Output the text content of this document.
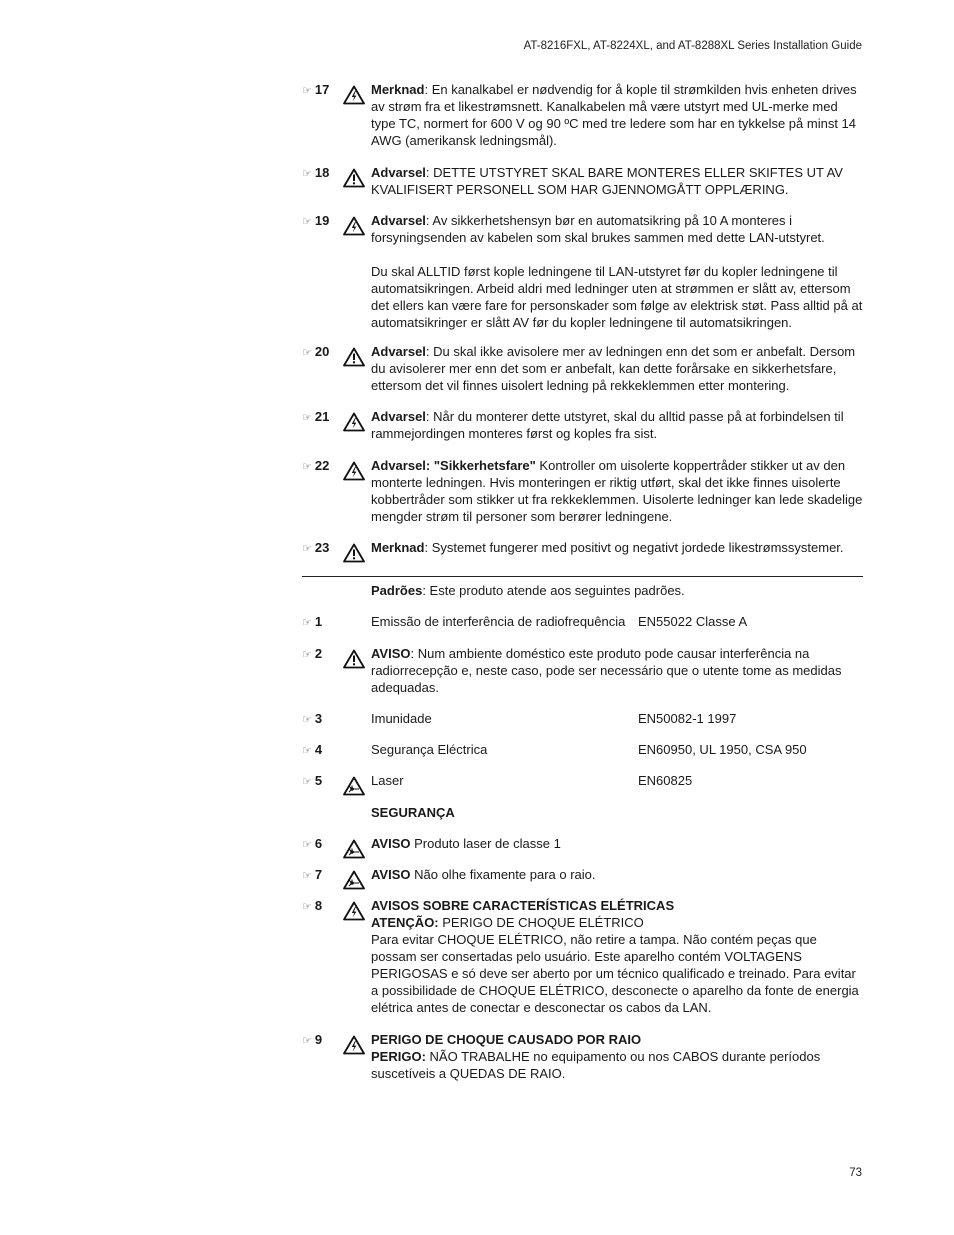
AT-8216FXL, AT-8224XL, and AT-8288XL Series Installation Guide
☞ 17	Merknad: En kanalkabel er nødvendig for å kople til strømkilden hvis enheten drives av strøm fra et likestrømsnett. Kanalkabelen må være utstyrt med UL-merke med type TC, normert for 600 V og 90 ºC med tre ledere som har en tykkelse på minst 14 AWG (amerikansk ledningsmål).

☞ 18	Advarsel: DETTE UTSTYRET SKAL BARE MONTERES ELLER SKIFTES UT AV KVALIFISERT PERSONELL SOM HAR GJENNOMGÅTT OPPLÆRING.

☞ 19	Advarsel: Av sikkerhetshensyn bør en automatsikring på 10 A monteres i forsyningsenden av kabelen som skal brukes sammen med dette LAN-utstyret.

Du skal ALLTID først kople ledningene til LAN-utstyret før du kopler ledningene til automatsikringen. Arbeid aldri med ledninger uten at strømmen er slått av, ettersom det ellers kan være fare for personskader som følge av elektrisk støt. Pass alltid på at automatsikringer er slått AV før du kopler ledningene til automatsikringen.

☞ 20	Advarsel: Du skal ikke avisolere mer av ledningen enn det som er anbefalt. Dersom du avisolerer mer enn det som er anbefalt, kan dette forårsake en sikkerhetsfare, ettersom det vil finnes uisolert ledning på rekkeklemmen etter montering.

☞ 21	Advarsel: Når du monterer dette utstyret, skal du alltid passe på at forbindelsen til rammejordingen monteres først og koples fra sist.

☞ 22	Advarsel: "Sikkerhetsfare" Kontroller om uisolerte koppertråder stikker ut av den monterte ledningen. Hvis monteringen er riktig utført, skal det ikke finnes uisolerte kobbertråder som stikker ut fra rekkeklemmen. Uisolerte ledninger kan lede skadelige mengder strøm til personer som berører ledningene.

☞ 23	Merknad: Systemet fungerer med positivt og negativt jordede likestrømssystemer.

Padrões: Este produto atende aos seguintes padrões.

☞ 1	Emissão de interferência de radiofrequência EN55022 Classe A
☞ 2	AVISO: Num ambiente doméstico este produto pode causar interferência na radiorrecepção e, neste caso, pode ser necessário que o utente tome as medidas adequadas.

☞ 3	Imunidade	EN50082-1 1997
☞ 4	Segurança Eléctrica	EN60950, UL 1950, CSA 950
☞ 5	Laser	EN60825

SEGURANÇA

☞ 6	AVISO Produto laser de classe 1

☞ 7	AVISO Não olhe fixamente para o raio.

☞ 8	AVISOS SOBRE CARACTERÍSTICAS ELÉTRICAS
ATENÇÃO: PERIGO DE CHOQUE ELÉTRICO
Para evitar CHOQUE ELÉTRICO, não retire a tampa. Não contém peças que possam ser consertadas pelo usuário. Este aparelho contém VOLTAGENS PERIGOSAS e só deve ser aberto por um técnico qualificado e treinado. Para evitar a possibilidade de CHOQUE ELÉTRICO, desconecte o aparelho da fonte de energia elétrica antes de conectar e desconectar os cabos da LAN.
☞ 9	PERIGO DE CHOQUE CAUSADO POR RAIO
PERIGO: NÃO TRABALHE no equipamento ou nos CABOS durante períodos suscetíveis a QUEDAS DE RAIO.
73
